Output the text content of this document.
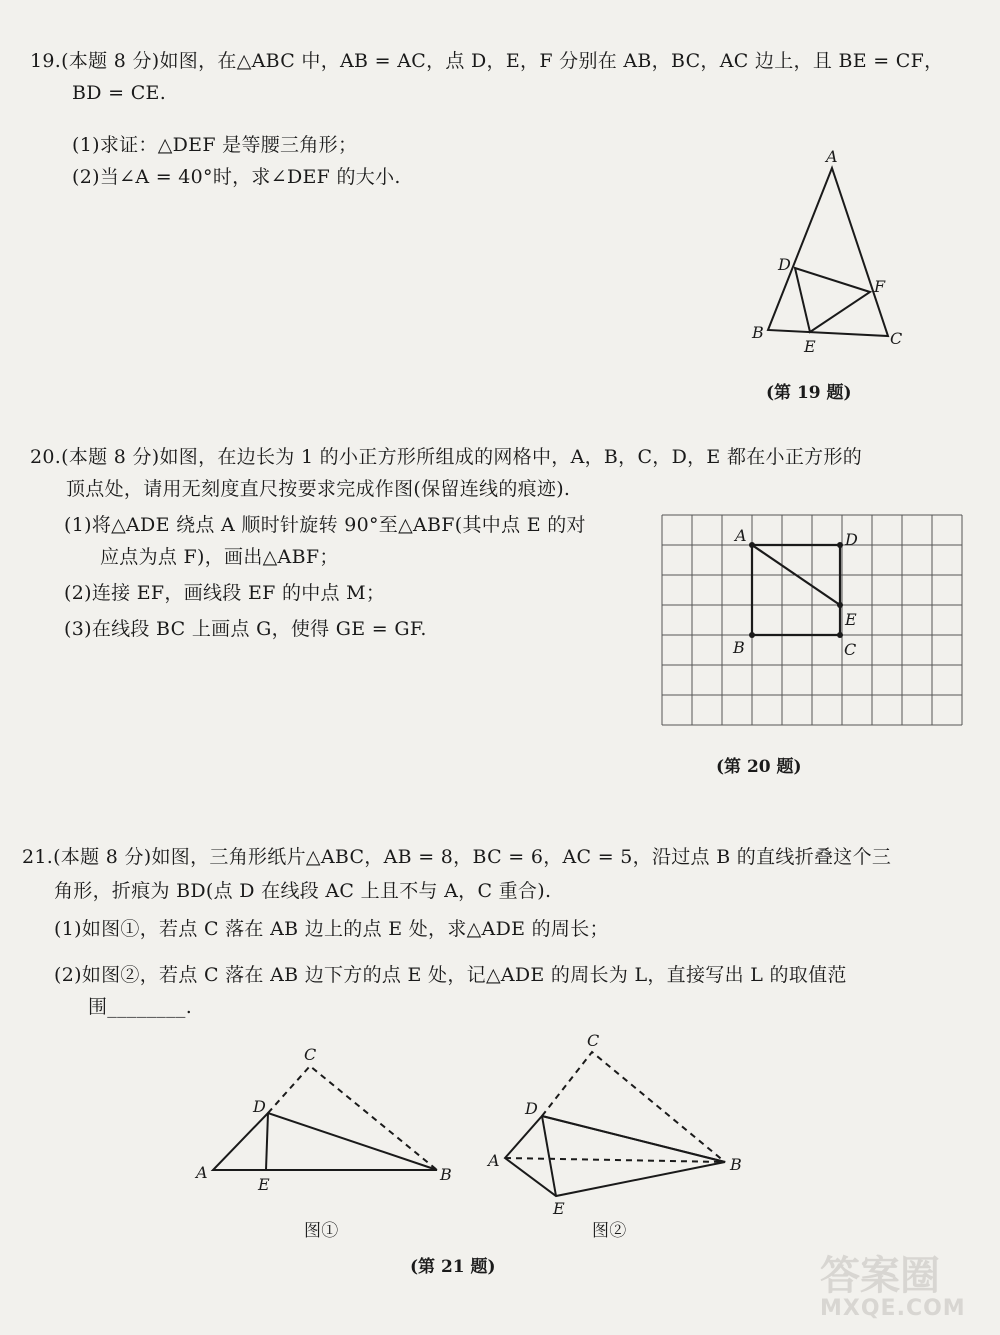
19.(本题 8 分)如图，在△ABC 中，AB = AC，点 D，E，F 分别在 AB，BC，AC 边上，且 BE = CF，
BD = CE.
(1)求证：△DEF 是等腰三角形；
(2)当∠A = 40°时，求∠DEF 的大小.
A
B	C
D
E
F
(第 19 题)
20.(本题 8 分)如图，在边长为 1 的小正方形所组成的网格中，A，B，C，D，E 都在小正方形的
顶点处，请用无刻度直尺按要求完成作图(保留连线的痕迹).
(1)将△ADE 绕点 A 顺时针旋转 90°至△ABF(其中点 E 的对
应点为点 F)，画出△ABF；
(2)连接 EF，画线段 EF 的中点 M；
(3)在线段 BC 上画点 G，使得 GE = GF.
A	D
E
B	C
(第 20 题)
21.(本题 8 分)如图，三角形纸片△ABC，AB = 8，BC = 6，AC = 5，沿过点 B 的直线折叠这个三
角形，折痕为 BD(点 D 在线段 AC 上且不与 A，C 重合).
(1)如图①，若点 C 落在 AB 边上的点 E 处，求△ADE 的周长；
(2)如图②，若点 C 落在 AB 边下方的点 E 处，记△ADE 的周长为 L，直接写出 L 的取值范
围________.
C
D
A
E
B
C
D
A
E
B
图①	图②
(第 21 题)	答案圈
MXQE.COM
